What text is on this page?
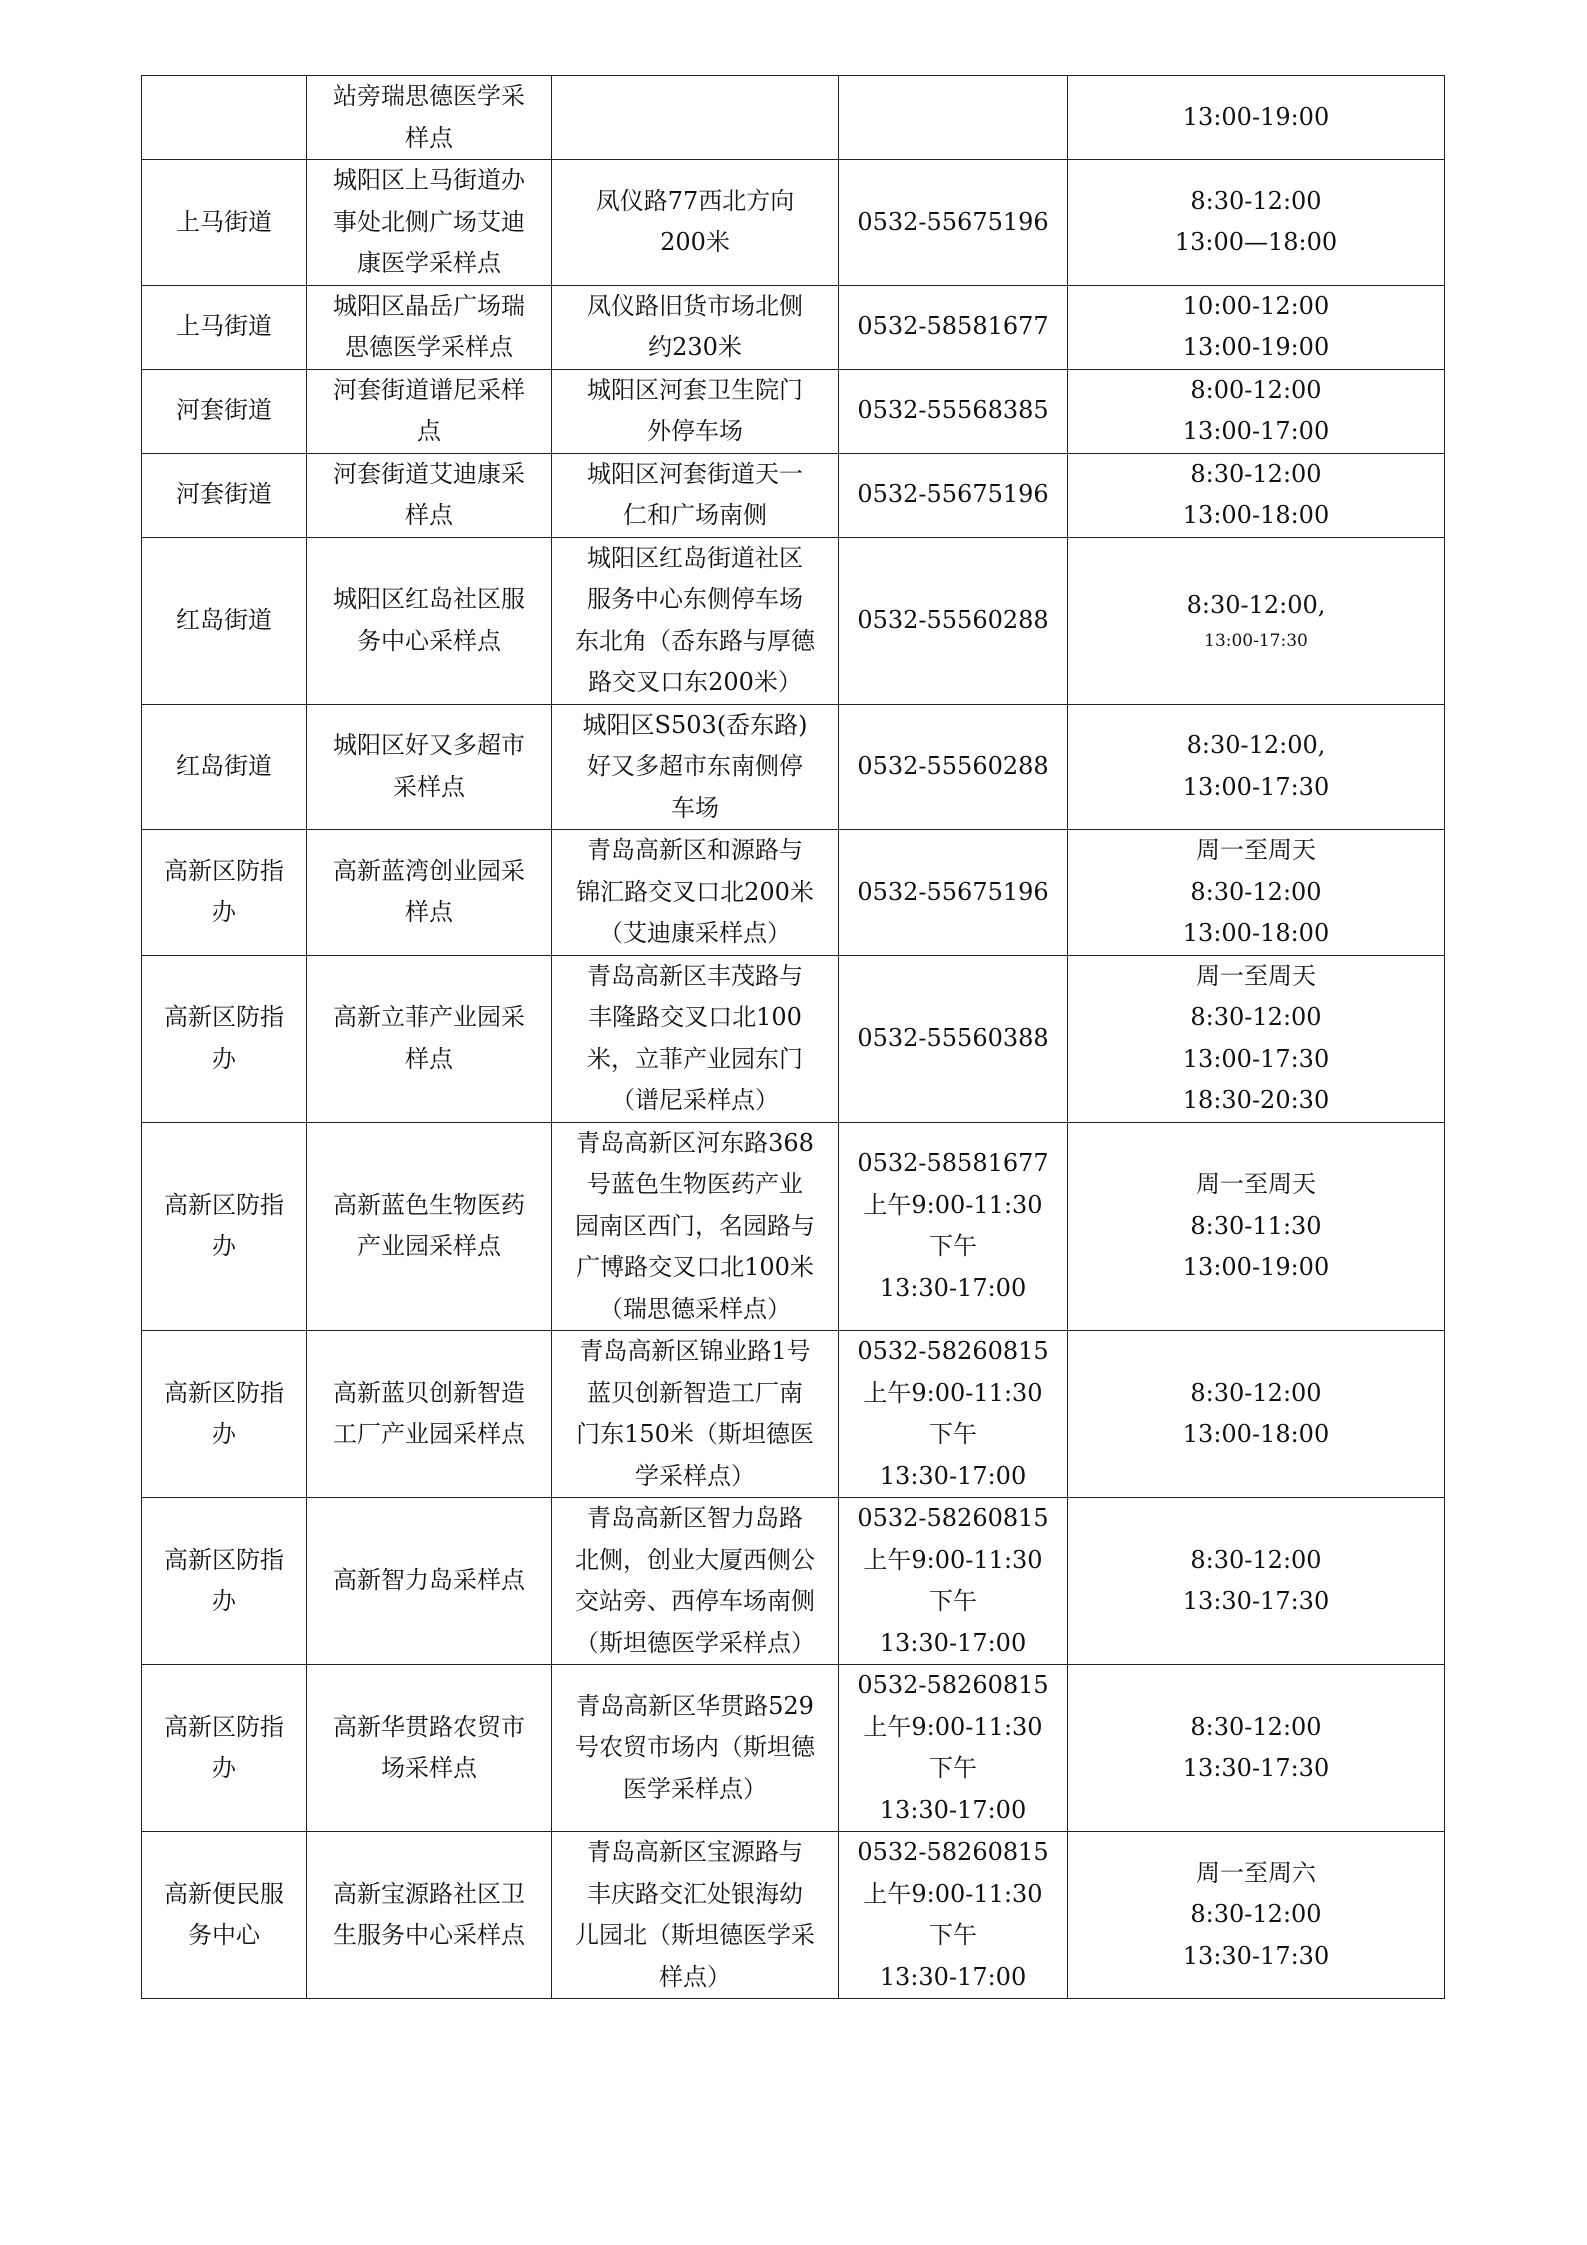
	站旁瑞思德医学采
样点			13:00-19:00

上马街道	城阳区上马街道办
事处北侧广场艾迪
康医学采样点	凤仪路77西北方向
200米	0532-55675196	8:30-12:00
13:00—18:00

上马街道	城阳区晶岳广场瑞
思德医学采样点	凤仪路旧货市场北侧
约230米	0532-58581677	10:00-12:00
13:00-19:00

河套街道	河套街道谱尼采样
点	城阳区河套卫生院门
外停车场	0532-55568385	8:00-12:00
13:00-17:00

河套街道	河套街道艾迪康采
样点	城阳区河套街道天一
仁和广场南侧	0532-55675196	8:30-12:00
13:00-18:00

红岛街道	城阳区红岛社区服
务中心采样点	城阳区红岛街道社区
服务中心东侧停车场
东北角（岙东路与厚德
路交叉口东200米）	0532-55560288	8:30-12:00,
13:00-17:30

红岛街道	城阳区好又多超市
采样点	城阳区S503(岙东路)
好又多超市东南侧停
车场	0532-55560288	8:30-12:00,
13:00-17:30

高新区防指
办	高新蓝湾创业园采
样点	青岛高新区和源路与
锦汇路交叉口北200米
（艾迪康采样点）	0532-55675196	周一至周天
8:30-12:00
13:00-18:00

高新区防指
办	高新立菲产业园采
样点	青岛高新区丰茂路与
丰隆路交叉口北100
米，立菲产业园东门
（谱尼采样点）	0532-55560388	周一至周天
8:30-12:00
13:00-17:30
18:30-20:30

高新区防指
办	高新蓝色生物医药
产业园采样点	青岛高新区河东路368
号蓝色生物医药产业
园南区西门，名园路与
广博路交叉口北100米
（瑞思德采样点）	0532-58581677
上午9:00-11:30
下午
13:30-17:00	周一至周天
8:30-11:30
13:00-19:00

高新区防指
办	高新蓝贝创新智造
工厂产业园采样点	青岛高新区锦业路1号
蓝贝创新智造工厂南
门东150米（斯坦德医
学采样点）	0532-58260815
上午9:00-11:30
下午
13:30-17:00	8:30-12:00
13:00-18:00

高新区防指
办	高新智力岛采样点	青岛高新区智力岛路
北侧，创业大厦西侧公
交站旁、西停车场南侧
（斯坦德医学采样点）	0532-58260815
上午9:00-11:30
下午
13:30-17:00	8:30-12:00
13:30-17:30

高新区防指
办	高新华贯路农贸市
场采样点	青岛高新区华贯路529
号农贸市场内（斯坦德
医学采样点）	0532-58260815
上午9:00-11:30
下午
13:30-17:00	8:30-12:00
13:30-17:30

高新便民服
务中心	高新宝源路社区卫
生服务中心采样点	青岛高新区宝源路与
丰庆路交汇处银海幼
儿园北（斯坦德医学采
样点）	0532-58260815
上午9:00-11:30
下午
13:30-17:00	周一至周六
8:30-12:00
13:30-17:30
